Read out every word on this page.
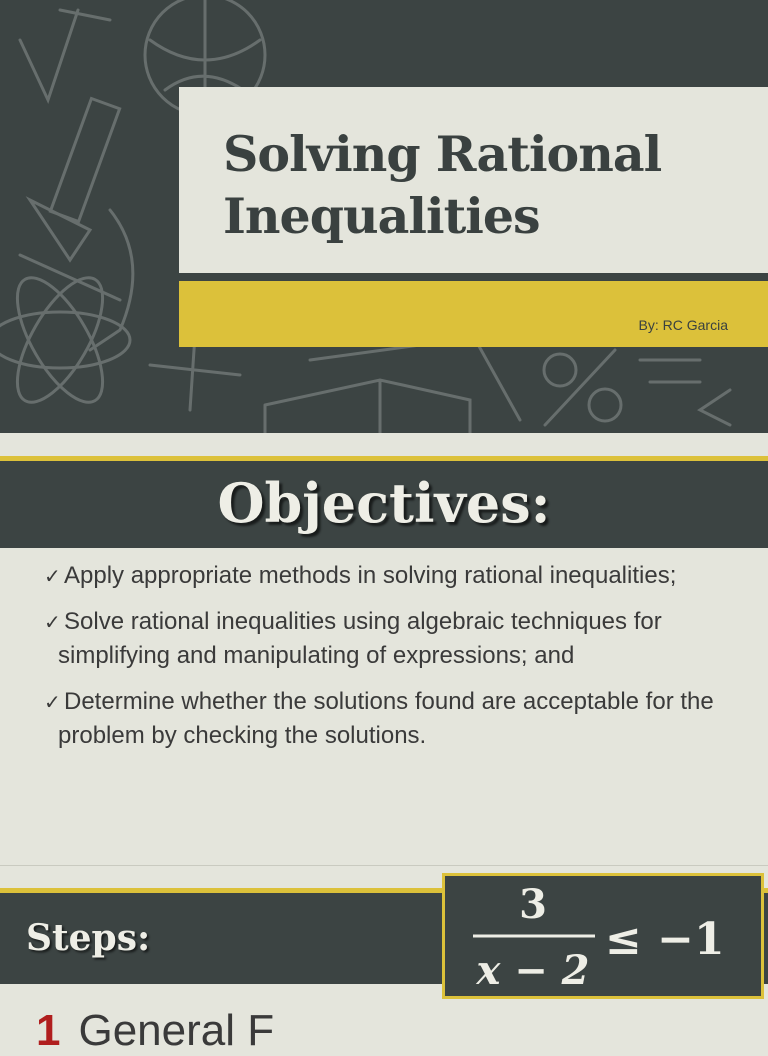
Solving Rational
Inequalities
By: RC Garcia
Objectives:
✓ Apply appropriate methods in solving rational inequalities;
✓ Solve rational inequalities using algebraic techniques for simplifying and manipulating of expressions; and
✓ Determine whether the solutions found are acceptable for the problem by checking the solutions.
Steps:
3
x − 2
≤ −1

1 General F
